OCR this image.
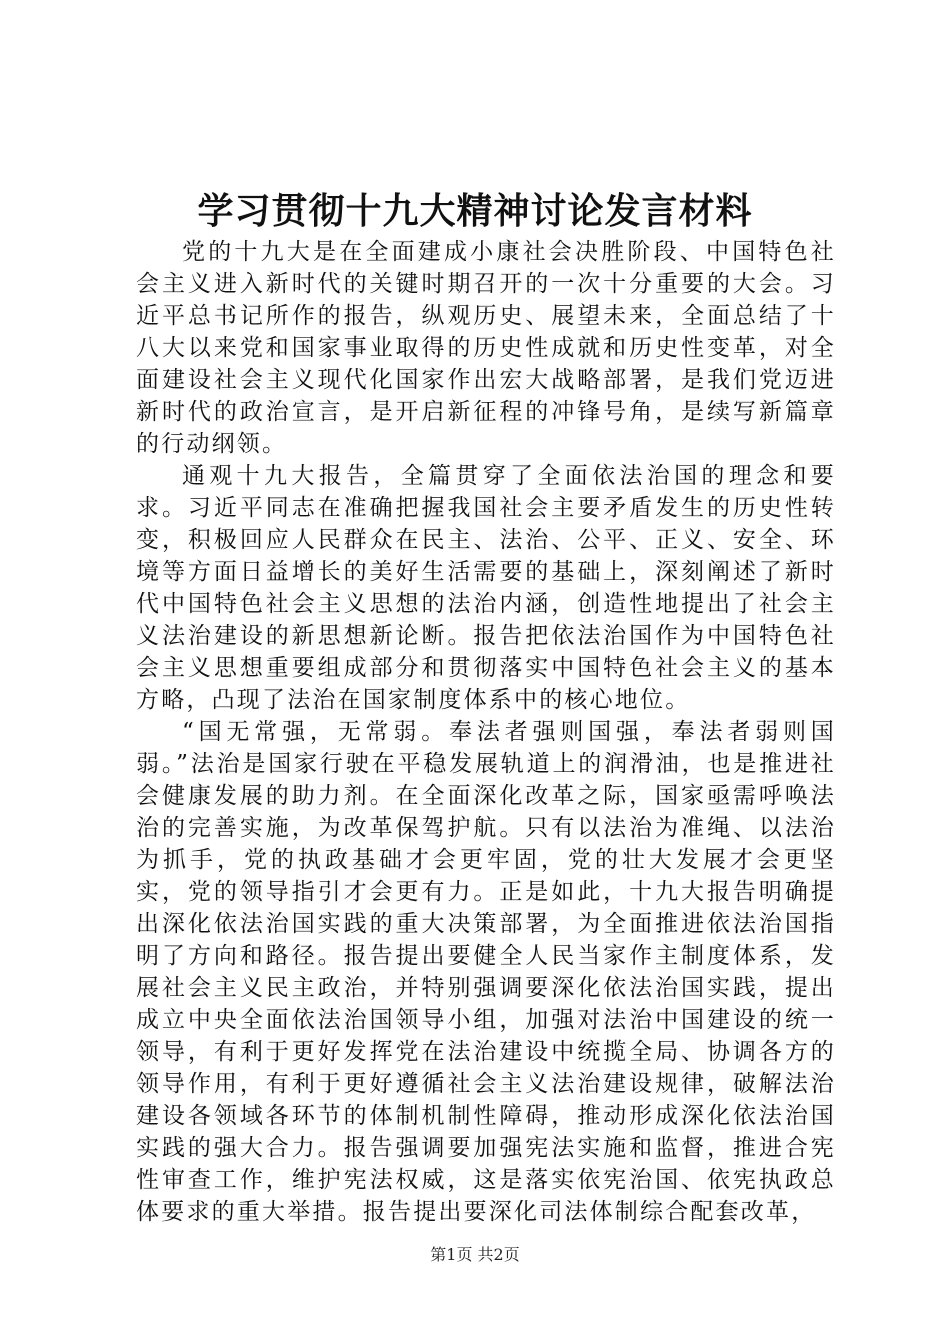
学习贯彻十九大精神讨论发言材料

党的十九大是在全面建成小康社会决胜阶段、中国特色社会主义进入新时代的关键时期召开的一次十分重要的大会。习近平总书记所作的报告，纵观历史、展望未来，全面总结了十八大以来党和国家事业取得的历史性成就和历史性变革，对全面建设社会主义现代化国家作出宏大战略部署，是我们党迈进新时代的政治宣言，是开启新征程的冲锋号角，是续写新篇章的行动纲领。

通观十九大报告，全篇贯穿了全面依法治国的理念和要求。习近平同志在准确把握我国社会主要矛盾发生的历史性转变，积极回应人民群众在民主、法治、公平、正义、安全、环境等方面日益增长的美好生活需要的基础上，深刻阐述了新时代中国特色社会主义思想的法治内涵，创造性地提出了社会主义法治建设的新思想新论断。报告把依法治国作为中国特色社会主义思想重要组成部分和贯彻落实中国特色社会主义的基本方略，凸现了法治在国家制度体系中的核心地位。

“国无常强，无常弱。奉法者强则国强，奉法者弱则国弱。”法治是国家行驶在平稳发展轨道上的润滑油，也是推进社会健康发展的助力剂。在全面深化改革之际，国家亟需呼唤法治的完善实施，为改革保驾护航。只有以法治为准绳、以法治为抓手，党的执政基础才会更牢固，党的壮大发展才会更坚实，党的领导指引才会更有力。正是如此，十九大报告明确提出深化依法治国实践的重大决策部署，为全面推进依法治国指明了方向和路径。报告提出要健全人民当家作主制度体系，发展社会主义民主政治，并特别强调要深化依法治国实践，提出成立中央全面依法治国领导小组，加强对法治中国建设的统一领导，有利于更好发挥党在法治建设中统揽全局、协调各方的领导作用，有利于更好遵循社会主义法治建设规律，破解法治建设各领域各环节的体制机制性障碍，推动形成深化依法治国实践的强大合力。报告强调要加强宪法实施和监督，推进合宪性审查工作，维护宪法权威，这是落实依宪治国、依宪执政总体要求的重大举措。报告提出要深化司法体制综合配套改革，

第1页 共2页
